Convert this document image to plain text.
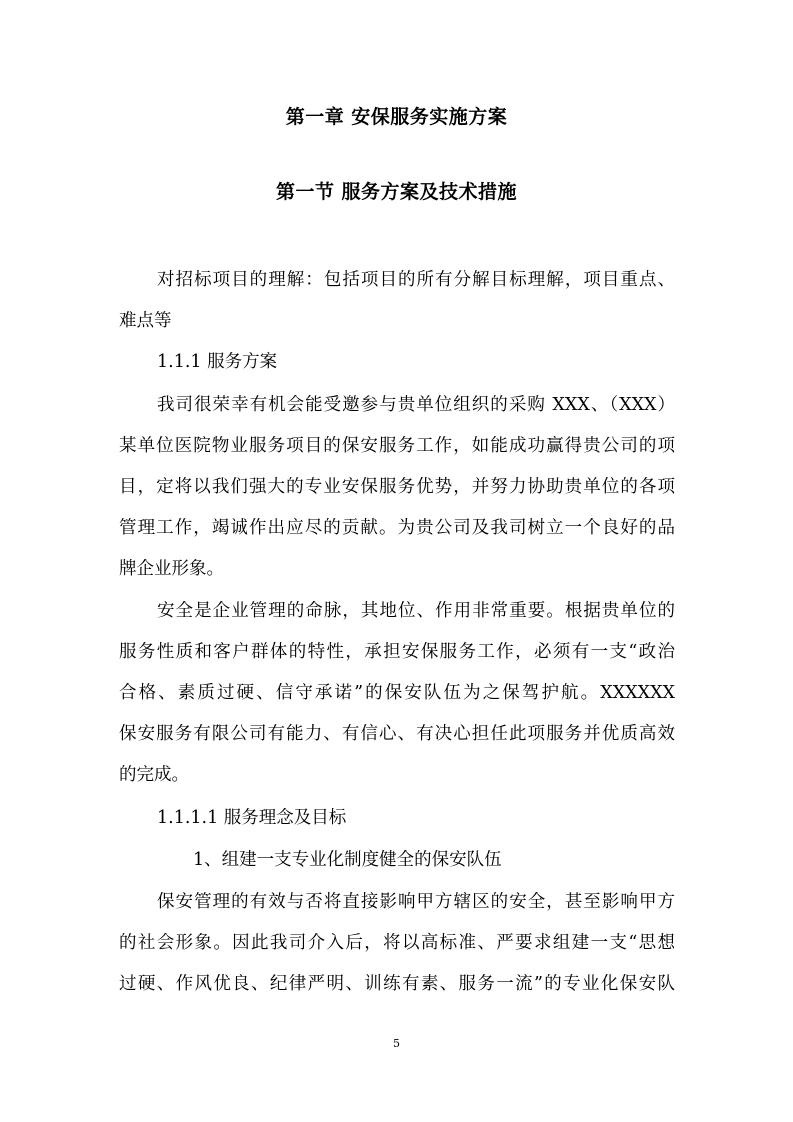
第一章 安保服务实施方案
第一节 服务方案及技术措施
对招标项目的理解：包括项目的所有分解目标理解，项目重点、
难点等
1.1.1 服务方案
我司很荣幸有机会能受邀参与贵单位组织的采购 XXX、（XXX）
某单位医院物业服务项目的保安服务工作，如能成功赢得贵公司的项
目，定将以我们强大的专业安保服务优势，并努力协助贵单位的各项
管理工作，竭诚作出应尽的贡献。为贵公司及我司树立一个良好的品
牌企业形象。
安全是企业管理的命脉，其地位、作用非常重要。根据贵单位的
服务性质和客户群体的特性，承担安保服务工作，必须有一支“政治
合格、素质过硬、信守承诺”的保安队伍为之保驾护航。XXXXXX
保安服务有限公司有能力、有信心、有决心担任此项服务并优质高效
的完成。
1.1.1.1 服务理念及目标
1、组建一支专业化制度健全的保安队伍
保安管理的有效与否将直接影响甲方辖区的安全，甚至影响甲方
的社会形象。因此我司介入后，将以高标准、严要求组建一支“思想
过硬、作风优良、纪律严明、训练有素、服务一流”的专业化保安队
5
